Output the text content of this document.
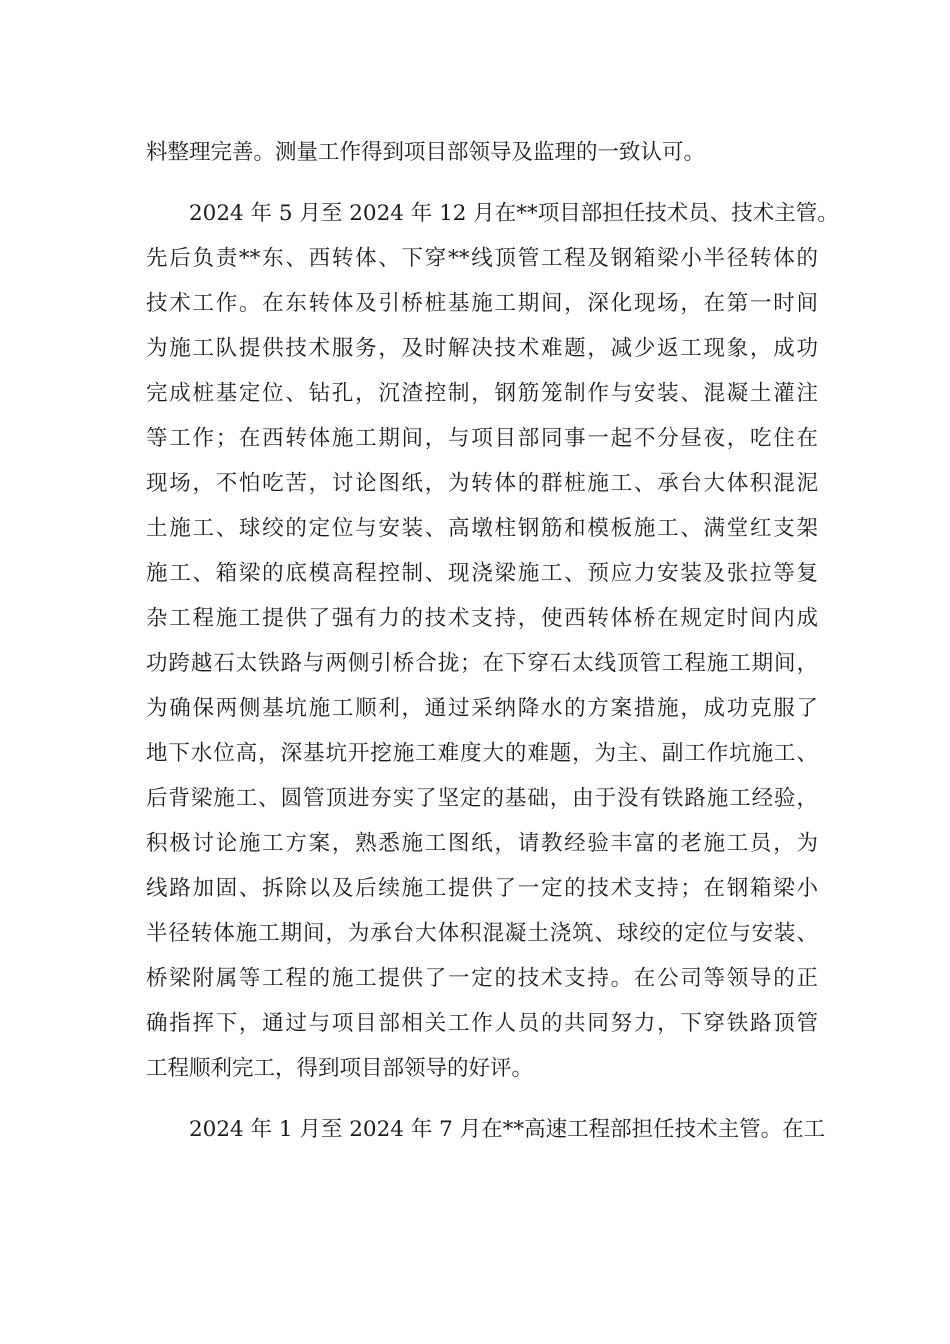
料整理完善。测量工作得到项目部领导及监理的一致认可。
2024 年 5 月至 2024 年 12 月在**项目部担任技术员、技术主管。
先后负责**东、西转体、下穿**线顶管工程及钢箱梁小半径转体的
技术工作。在东转体及引桥桩基施工期间，深化现场，在第一时间
为施工队提供技术服务，及时解决技术难题，减少返工现象，成功
完成桩基定位、钻孔，沉渣控制，钢筋笼制作与安装、混凝土灌注
等工作；在西转体施工期间，与项目部同事一起不分昼夜，吃住在
现场，不怕吃苦，讨论图纸，为转体的群桩施工、承台大体积混泥
土施工、球绞的定位与安装、高墩柱钢筋和模板施工、满堂红支架
施工、箱梁的底模高程控制、现浇梁施工、预应力安装及张拉等复
杂工程施工提供了强有力的技术支持，使西转体桥在规定时间内成
功跨越石太铁路与两侧引桥合拢；在下穿石太线顶管工程施工期间，
为确保两侧基坑施工顺利，通过采纳降水的方案措施，成功克服了
地下水位高，深基坑开挖施工难度大的难题，为主、副工作坑施工、
后背梁施工、圆管顶进夯实了坚定的基础，由于没有铁路施工经验，
积极讨论施工方案，熟悉施工图纸，请教经验丰富的老施工员，为
线路加固、拆除以及后续施工提供了一定的技术支持；在钢箱梁小
半径转体施工期间，为承台大体积混凝土浇筑、球绞的定位与安装、
桥梁附属等工程的施工提供了一定的技术支持。在公司等领导的正
确指挥下，通过与项目部相关工作人员的共同努力，下穿铁路顶管
工程顺利完工，得到项目部领导的好评。
2024 年 1 月至 2024 年 7 月在**高速工程部担任技术主管。在工
